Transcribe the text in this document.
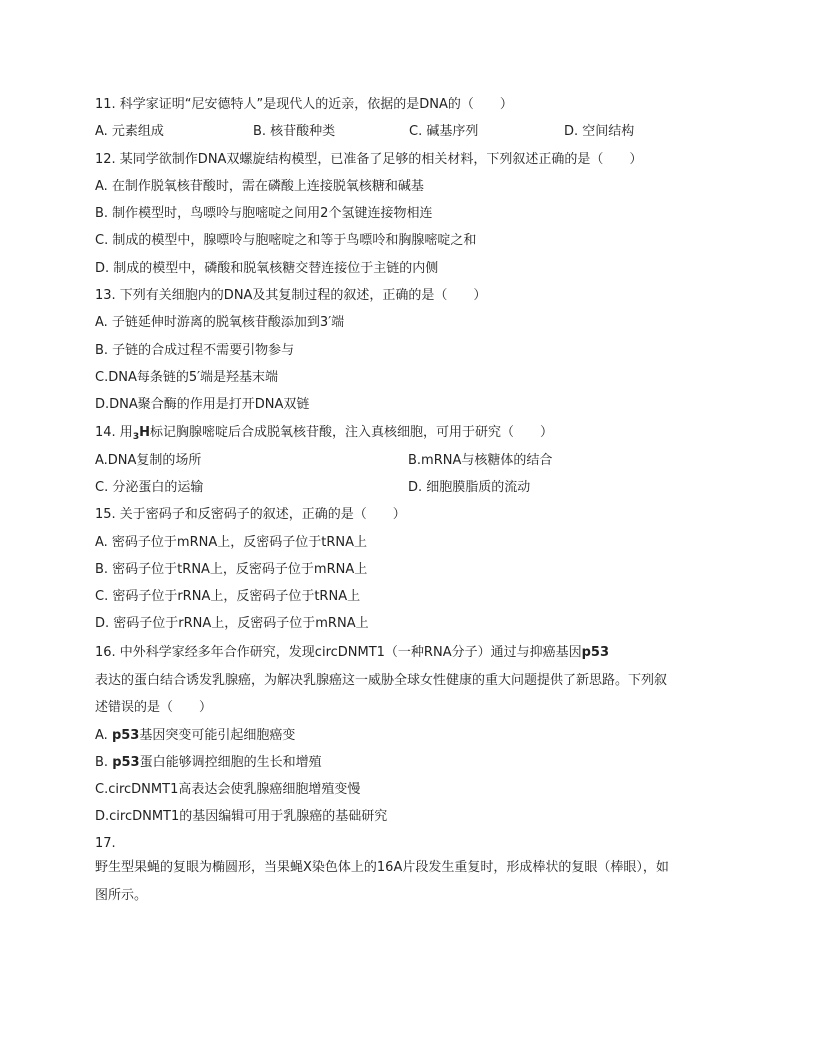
11. 科学家证明“尼安德特人”是现代人的近亲，依据的是DNA的（　　）
A. 元素组成	B. 核苷酸种类	C. 碱基序列	D. 空间结构
12. 某同学欲制作DNA双螺旋结构模型，已准备了足够的相关材料，下列叙述正确的是（　　）
A. 在制作脱氧核苷酸时，需在磷酸上连接脱氧核糖和碱基
B. 制作模型时，鸟嘌呤与胞嘧啶之间用2个氢键连接物相连
C. 制成的模型中，腺嘌呤与胞嘧啶之和等于鸟嘌呤和胸腺嘧啶之和
D. 制成的模型中，磷酸和脱氧核糖交替连接位于主链的内侧
13. 下列有关细胞内的DNA及其复制过程的叙述，正确的是（　　）
A. 子链延伸时游离的脱氧核苷酸添加到3′端
B. 子链的合成过程不需要引物参与
C.DNA每条链的5′端是羟基末端
D.DNA聚合酶的作用是打开DNA双链
14. 用$_3$H标记胸腺嘧啶后合成脱氧核苷酸，注入真核细胞，可用于研究（　　）
A.DNA复制的场所	B.mRNA与核糖体的结合
C. 分泌蛋白的运输	D. 细胞膜脂质的流动
15. 关于密码子和反密码子的叙述，正确的是（　　）
A. 密码子位于mRNA上，反密码子位于tRNA上
B. 密码子位于tRNA上，反密码子位于mRNA上
C. 密码子位于rRNA上，反密码子位于tRNA上
D. 密码子位于rRNA上，反密码子位于mRNA上
16. 中外科学家经多年合作研究，发现circDNMT1（一种RNA分子）通过与抑癌基因p53
表达的蛋白结合诱发乳腺癌，为解决乳腺癌这一威胁全球女性健康的重大问题提供了新思路。下列叙
述错误的是（　　）
A. p53基因突变可能引起细胞癌变
B. p53蛋白能够调控细胞的生长和增殖
C.circDNMT1高表达会使乳腺癌细胞增殖变慢
D.circDNMT1的基因编辑可用于乳腺癌的基础研究
17.
野生型果蝇的复眼为椭圆形，当果蝇X染色体上的16A片段发生重复时，形成棒状的复眼（棒眼），如
图所示。
